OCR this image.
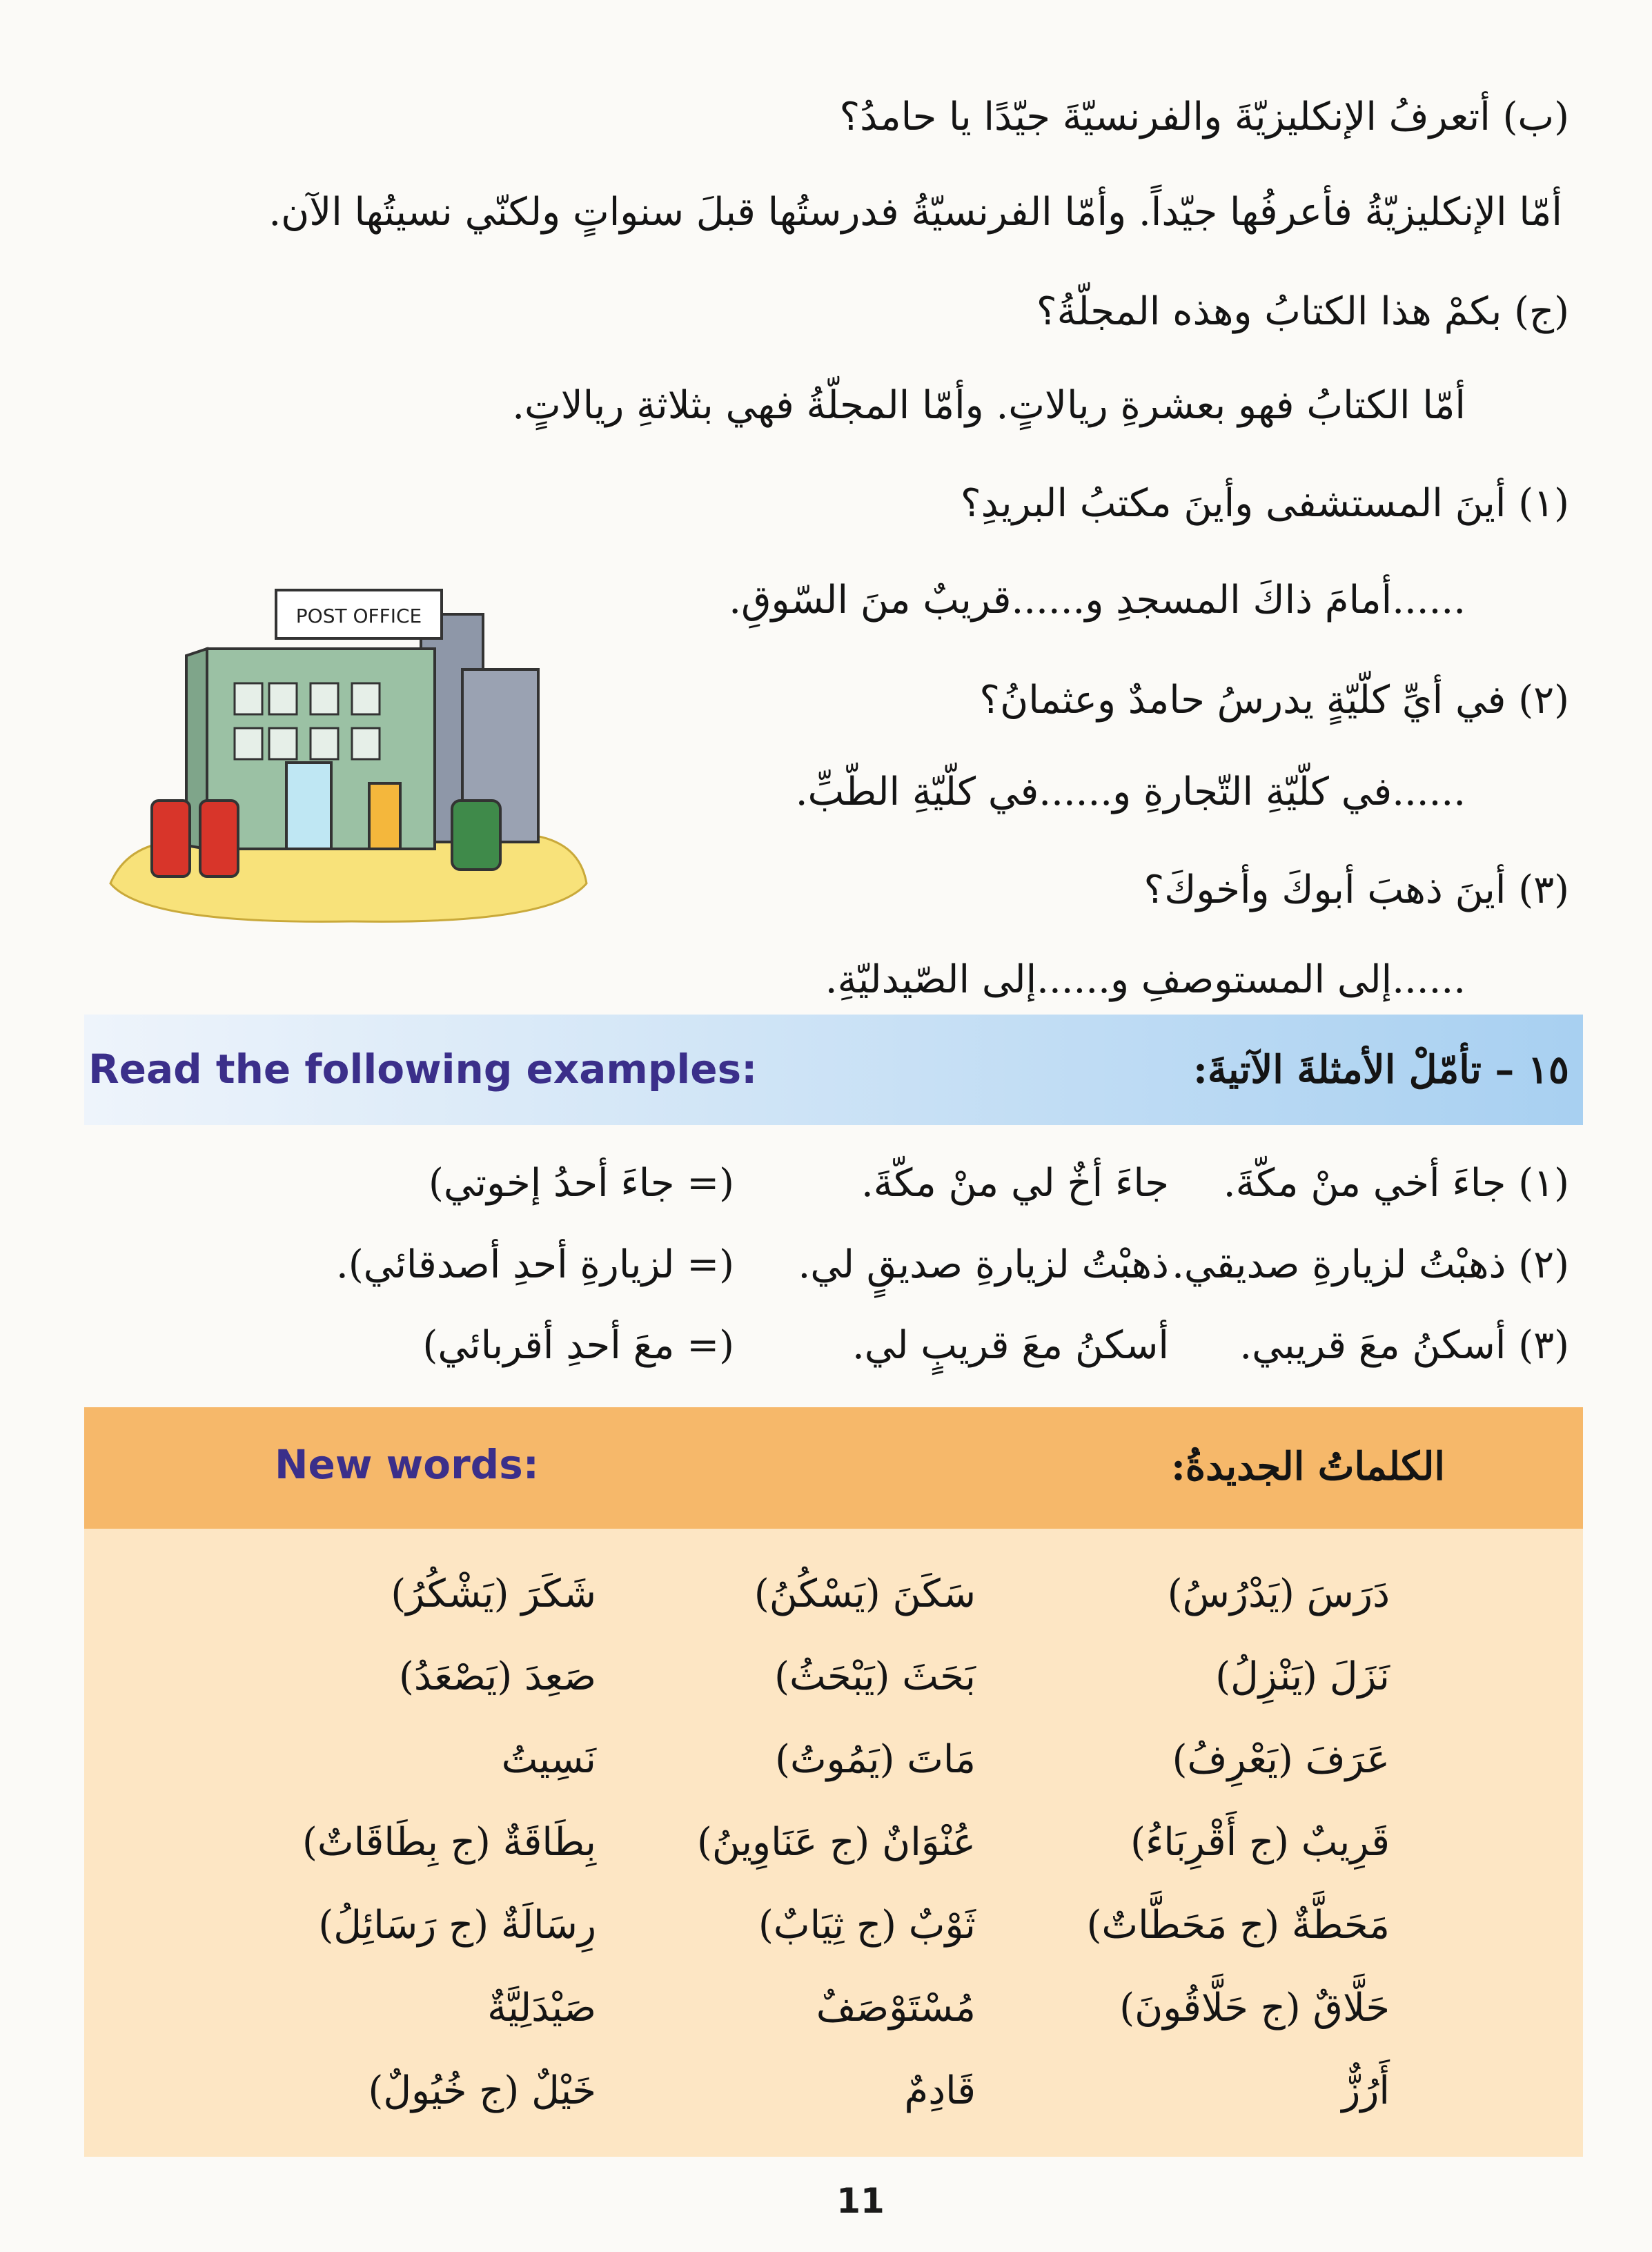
(ب) أتعرفُ الإنكليزيّةَ والفرنسيّةَ جيّدًا يا حامدُ؟
أمّا الإنكليزيّةُ فأعرفُها جيّداً. وأمّا الفرنسيّةُ فدرستُها قبلَ سنواتٍ ولكنّي نسيتُها الآن.
(ج) بكمْ هذا الكتابُ وهذه المجلّةُ؟
أمّا الكتابُ فهو بعشرةِ ريالاتٍ. وأمّا المجلّةُ فهي بثلاثةِ ريالاتٍ.
(١) أينَ المستشفى وأينَ مكتبُ البريدِ؟
......أمامَ ذاكَ المسجدِ و......قريبٌ منَ السّوقِ.
(٢) في أيِّ كلّيّةٍ يدرسُ حامدٌ وعثمانُ؟
......في كلّيّةِ التّجارةِ و......في كلّيّةِ الطّبِّ.
(٣) أينَ ذهبَ أبوكَ وأخوكَ؟
......إلى المستوصفِ و......إلى الصّيدليّةِ.
POST OFFICE
Read the following examples:	١٥ – تأمّلْ الأمثلةَ الآتيةَ:
(١) جاءَ أخي منْ مكّةَ.
جاءَ أخٌ لي منْ مكّةَ.
(= جاءَ أحدُ إخوتي)
(٢) ذهبْتُ لزيارةِ صديقي.
ذهبْتُ لزيارةِ صديقٍ لي.
(= لزيارةِ أحدِ أصدقائي).
(٣) أسكنُ معَ قريبي.
أسكنُ معَ قريبٍ لي.
(= معَ أحدِ أقربائي)
New words:	الكلماتُ الجديدةُ:
دَرَسَ (يَدْرُسُ)
سَكَنَ (يَسْكُنُ)
شَكَرَ (يَشْكُرُ)
نَزَلَ (يَنْزِلُ)
بَحَثَ (يَبْحَثُ)
صَعِدَ (يَصْعَدُ)
عَرَفَ (يَعْرِفُ)
مَاتَ (يَمُوتُ)
نَسِيتُ
قَرِيبٌ (ج أَقْرِبَاءُ)
عُنْوَانٌ (ج عَنَاوِينُ)
بِطَاقَةٌ (ج بِطَاقَاتٌ)
مَحَطَّةٌ (ج مَحَطَّاتٌ)
ثَوْبٌ (ج ثِيَابٌ)
رِسَالَةٌ (ج رَسَائِلُ)
حَلَّاقٌ (ج حَلَّاقُونَ)
مُسْتَوْصَفٌ
صَيْدَلِيَّةٌ
أَرُزٌّ
قَادِمٌ
خَيْلٌ (ج خُيُولٌ)
11
